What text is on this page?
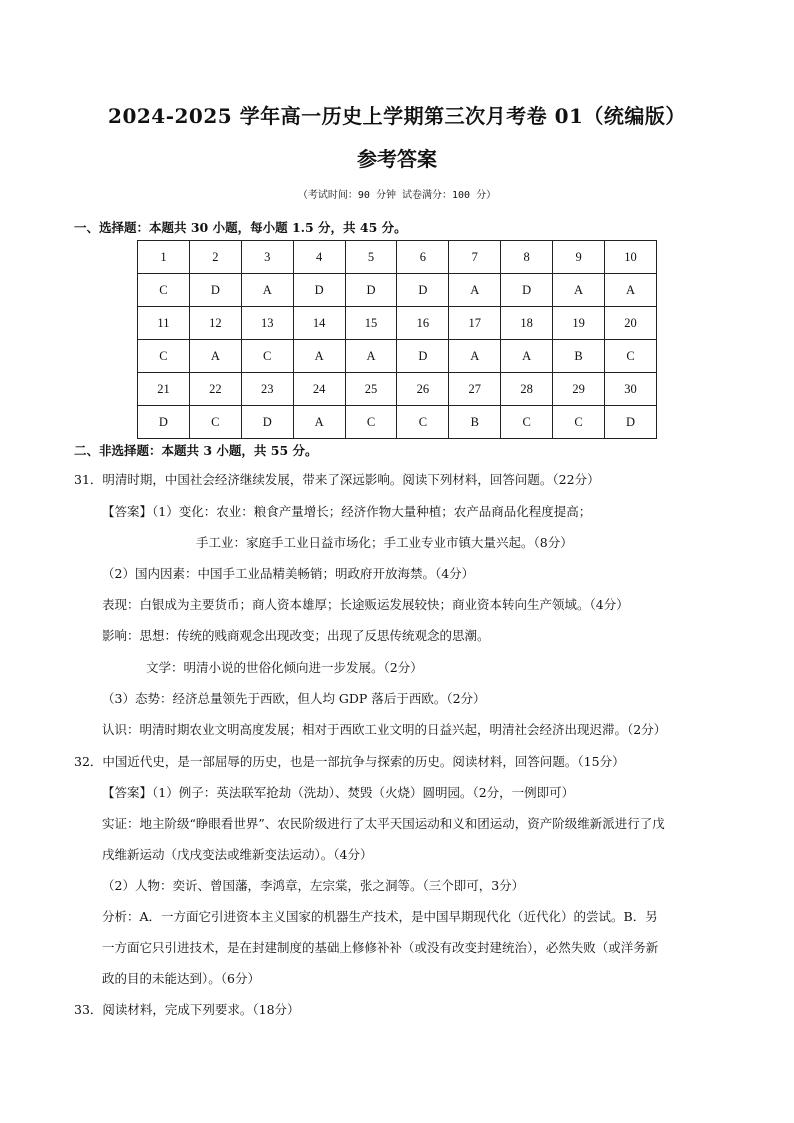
2024-2025 学年高一历史上学期第三次月考卷 01（统编版）
参考答案
（考试时间：90 分钟 试卷满分：100 分）
一、选择题：本题共 30 小题，每小题 1.5 分，共 45 分。
1	2	3	4	5	6	7	8	9	10
C	D	A	D	D	D	A	D	A	A
11	12	13	14	15	16	17	18	19	20
C	A	C	A	A	D	A	A	B	C
21	22	23	24	25	26	27	28	29	30
D	C	D	A	C	C	B	C	C	D
二、非选择题：本题共 3 小题，共 55 分。
31．明清时期，中国社会经济继续发展，带来了深远影响。阅读下列材料，回答问题。（22分）
【答案】（1）变化：农业：粮食产量增长；经济作物大量种植；农产品商品化程度提高；
手工业：家庭手工业日益市场化；手工业专业市镇大量兴起。（8分）
（2）国内因素：中国手工业品精美畅销；明政府开放海禁。（4分）
表现：白银成为主要货币；商人资本雄厚；长途贩运发展较快；商业资本转向生产领域。（4分）
影响：思想：传统的贱商观念出现改变；出现了反思传统观念的思潮。
文学：明清小说的世俗化倾向进一步发展。（2分）
（3）态势：经济总量领先于西欧，但人均 GDP 落后于西欧。（2分）
认识：明清时期农业文明高度发展；相对于西欧工业文明的日益兴起，明清社会经济出现迟滞。（2分）
32．中国近代史，是一部屈辱的历史，也是一部抗争与探索的历史。阅读材料，回答问题。（15分）
【答案】（1）例子：英法联军抢劫（洗劫）、焚毁（火烧）圆明园。（2分，一例即可）
实证：地主阶级“睁眼看世界”、农民阶级进行了太平天国运动和义和团运动，资产阶级维新派进行了戊
戌维新运动（戊戌变法或维新变法运动）。（4分）
（2）人物：奕䜣、曾国藩，李鸿章，左宗棠，张之洞等。（三个即可，3分）
分析：A．一方面它引进资本主义国家的机器生产技术，是中国早期现代化（近代化）的尝试。B．另
一方面它只引进技术，是在封建制度的基础上修修补补（或没有改变封建统治），必然失败（或洋务新
政的目的未能达到）。（6分）
33．阅读材料，完成下列要求。（18分）
